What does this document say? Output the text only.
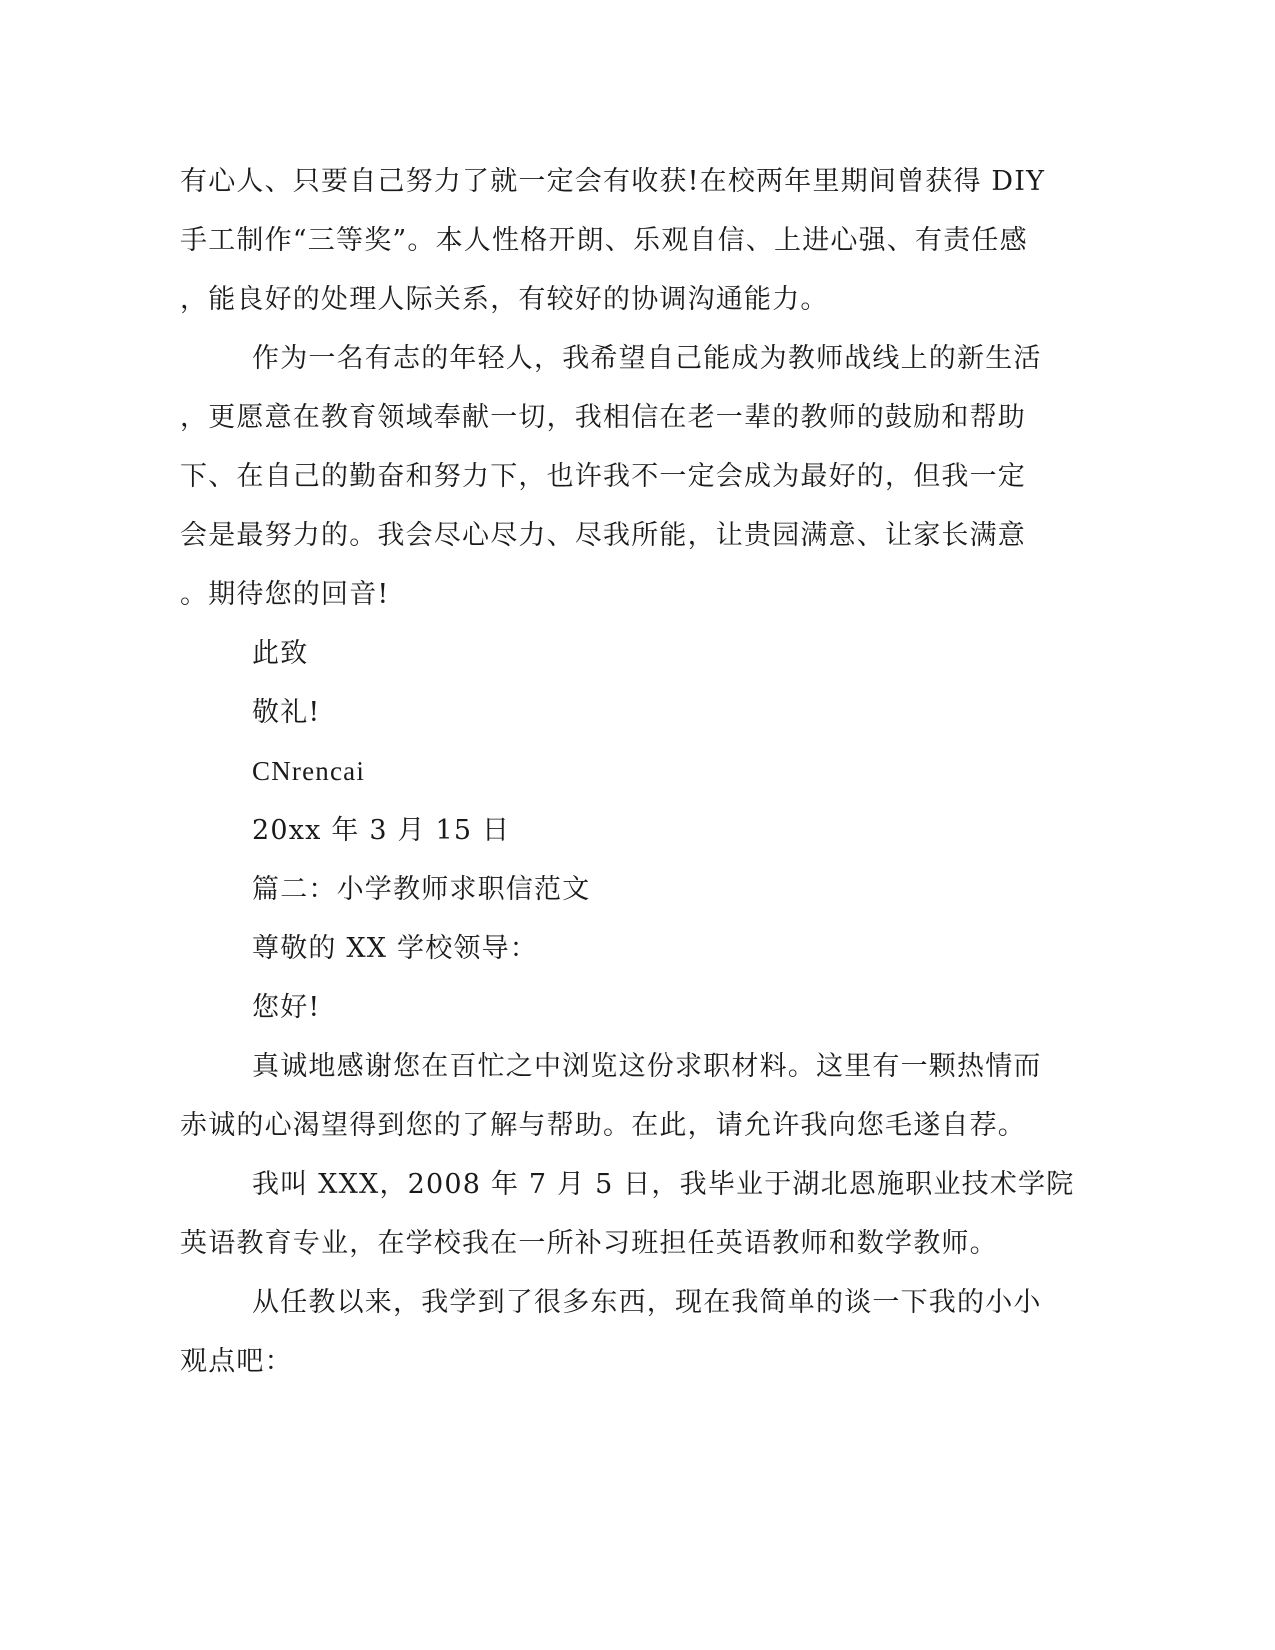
有心人、只要自己努力了就一定会有收获!在校两年里期间曾获得 DIY
手工制作“三等奖”。本人性格开朗、乐观自信、上进心强、有责任感
，能良好的处理人际关系，有较好的协调沟通能力。
作为一名有志的年轻人，我希望自己能成为教师战线上的新生活
，更愿意在教育领域奉献一切，我相信在老一辈的教师的鼓励和帮助
下、在自己的勤奋和努力下，也许我不一定会成为最好的，但我一定
会是最努力的。我会尽心尽力、尽我所能，让贵园满意、让家长满意
。期待您的回音!
此致
敬礼!
CNrencai
20xx 年 3 月 15 日
篇二：小学教师求职信范文
尊敬的 XX 学校领导：
您好!
真诚地感谢您在百忙之中浏览这份求职材料。这里有一颗热情而
赤诚的心渴望得到您的了解与帮助。在此，请允许我向您毛遂自荐。
我叫 XXX，2008 年 7 月 5 日，我毕业于湖北恩施职业技术学院
英语教育专业，在学校我在一所补习班担任英语教师和数学教师。
从任教以来，我学到了很多东西，现在我简单的谈一下我的小小
观点吧：
